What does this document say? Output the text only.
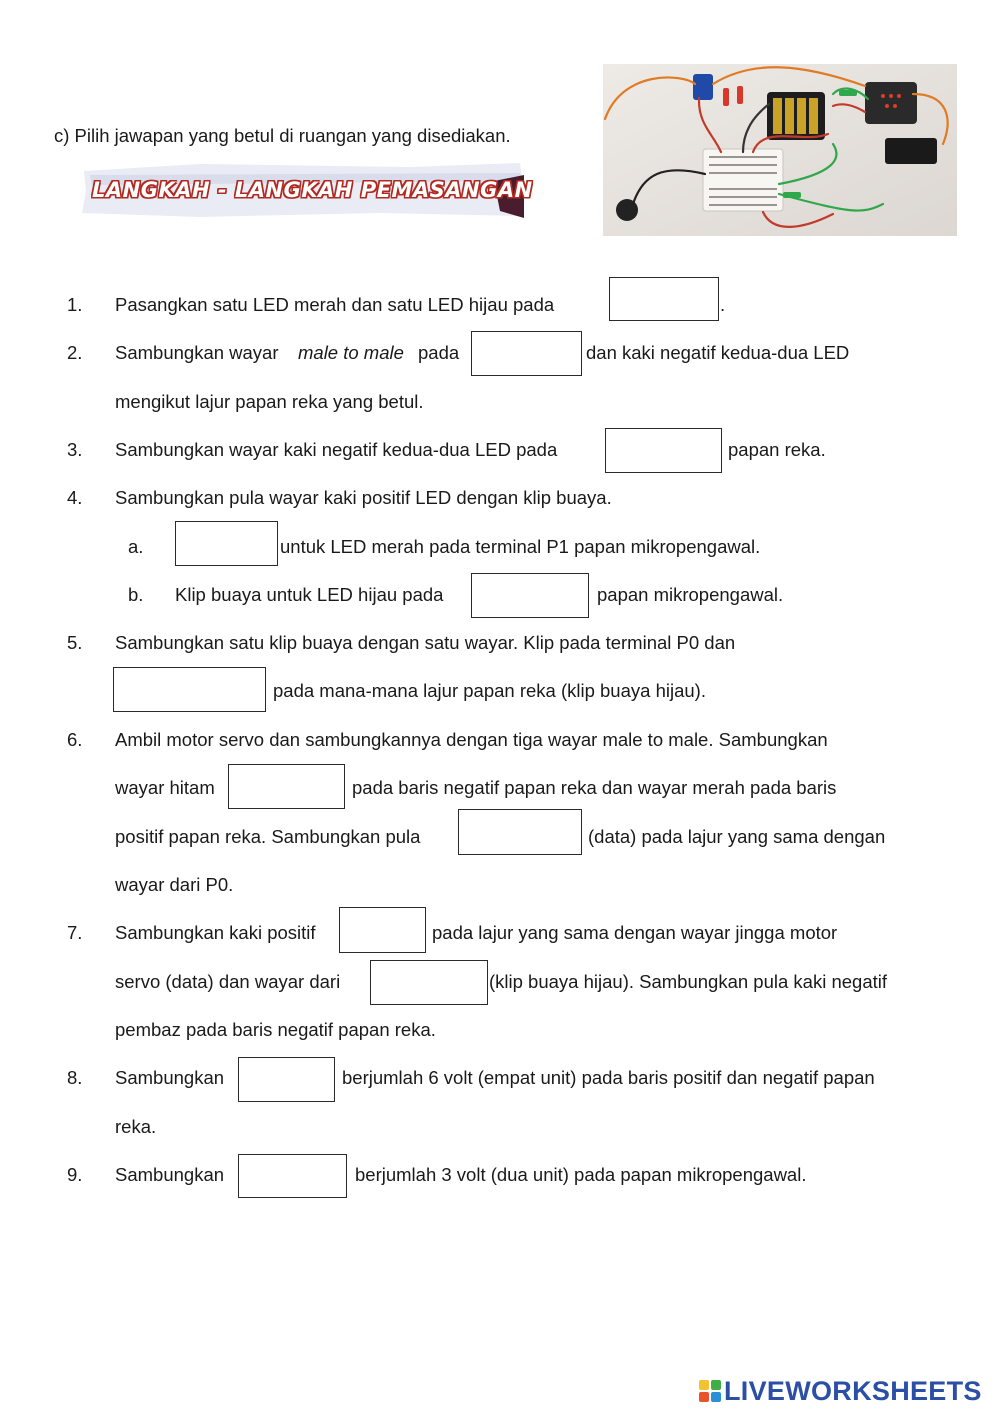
c) Pilih jawapan yang betul di ruangan yang disediakan.
LANGKAH - LANGKAH PEMASANGAN
1. Pasangkan satu LED merah dan satu LED hijau pada	.
2. Sambungkan wayar male to male pada	dan kaki negatif kedua-dua LED
mengikut lajur papan reka yang betul.
3. Sambungkan wayar kaki negatif kedua-dua LED pada	papan reka.
4. Sambungkan pula wayar kaki positif LED dengan klip buaya.
a.	untuk LED merah pada terminal P1 papan mikropengawal.
b. Klip buaya untuk LED hijau pada	papan mikropengawal.
5. Sambungkan satu klip buaya dengan satu wayar. Klip pada terminal P0 dan
pada mana-mana lajur papan reka (klip buaya hijau).
6. Ambil motor servo dan sambungkannya dengan tiga wayar male to male. Sambungkan
wayar hitam	pada baris negatif papan reka dan wayar merah pada baris
positif papan reka. Sambungkan pula	(data) pada lajur yang sama dengan
wayar dari P0.
7. Sambungkan kaki positif	pada lajur yang sama dengan wayar jingga motor
servo (data) dan wayar dari	(klip buaya hijau). Sambungkan pula kaki negatif
pembaz pada baris negatif papan reka.
8. Sambungkan	berjumlah 6 volt (empat unit) pada baris positif dan negatif papan
reka.
9. Sambungkan	berjumlah 3 volt (dua unit) pada papan mikropengawal.
LIVEWORKSHEETS
